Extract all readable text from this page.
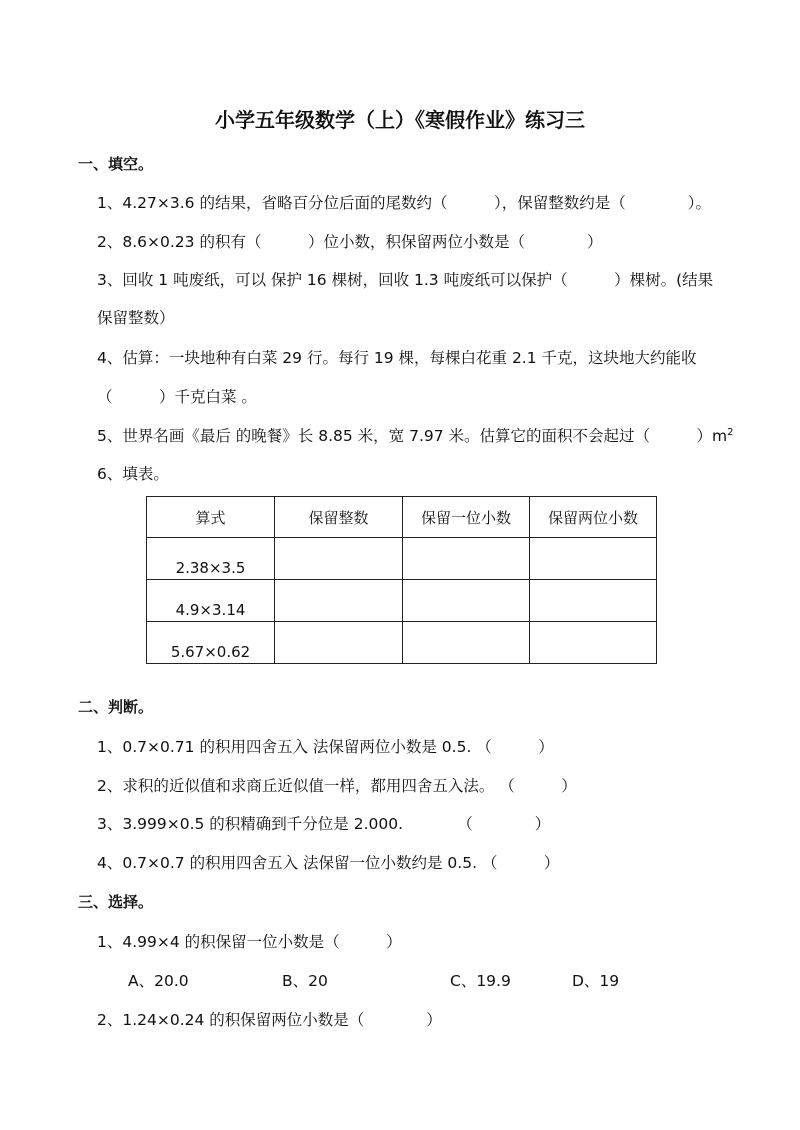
小学五年级数学（上）《寒假作业》练习三
一、填空。
1、4.27×3.6 的结果，省略百分位后面的尾数约（　　　），保留整数约是（　　　　）。
2、8.6×0.23 的积有（　　　）位小数，积保留两位小数是（　　　　）
3、回收 1 吨废纸，可以 保护 16 棵树，回收 1.3 吨废纸可以保护（　　　）棵树。(结果
保留整数）
4、估算：一块地种有白菜 29 行。每行 19 棵，每棵白花重 2.1 千克，这块地大约能收
（　　　）千克白菜 。
5、世界名画《最后 的晚餐》长 8.85 米，宽 7.97 米。估算它的面积不会起过（　　　）$m^2$
6、填表。
算式	保留整数	保留一位小数	保留两位小数
2.38×3.5			
4.9×3.14			
5.67×0.62			
二、判断。
1、0.7×0.71 的积用四舍五入 法保留两位小数是 0.5. （　　　）
2、求积的近似值和求商丘近似值一样，都用四舍五入法。 （　　　）
3、3.999×0.5 的积精确到千分位是 2.000.　　　　（　　　　）
4、0.7×0.7 的积用四舍五入 法保留一位小数约是 0.5. （　　　）
三、选择。
1、4.99×4 的积保留一位小数是（　　　）
A、20.0	B、20	C、19.9	D、19
2、1.24×0.24 的积保留两位小数是（　　　　）
